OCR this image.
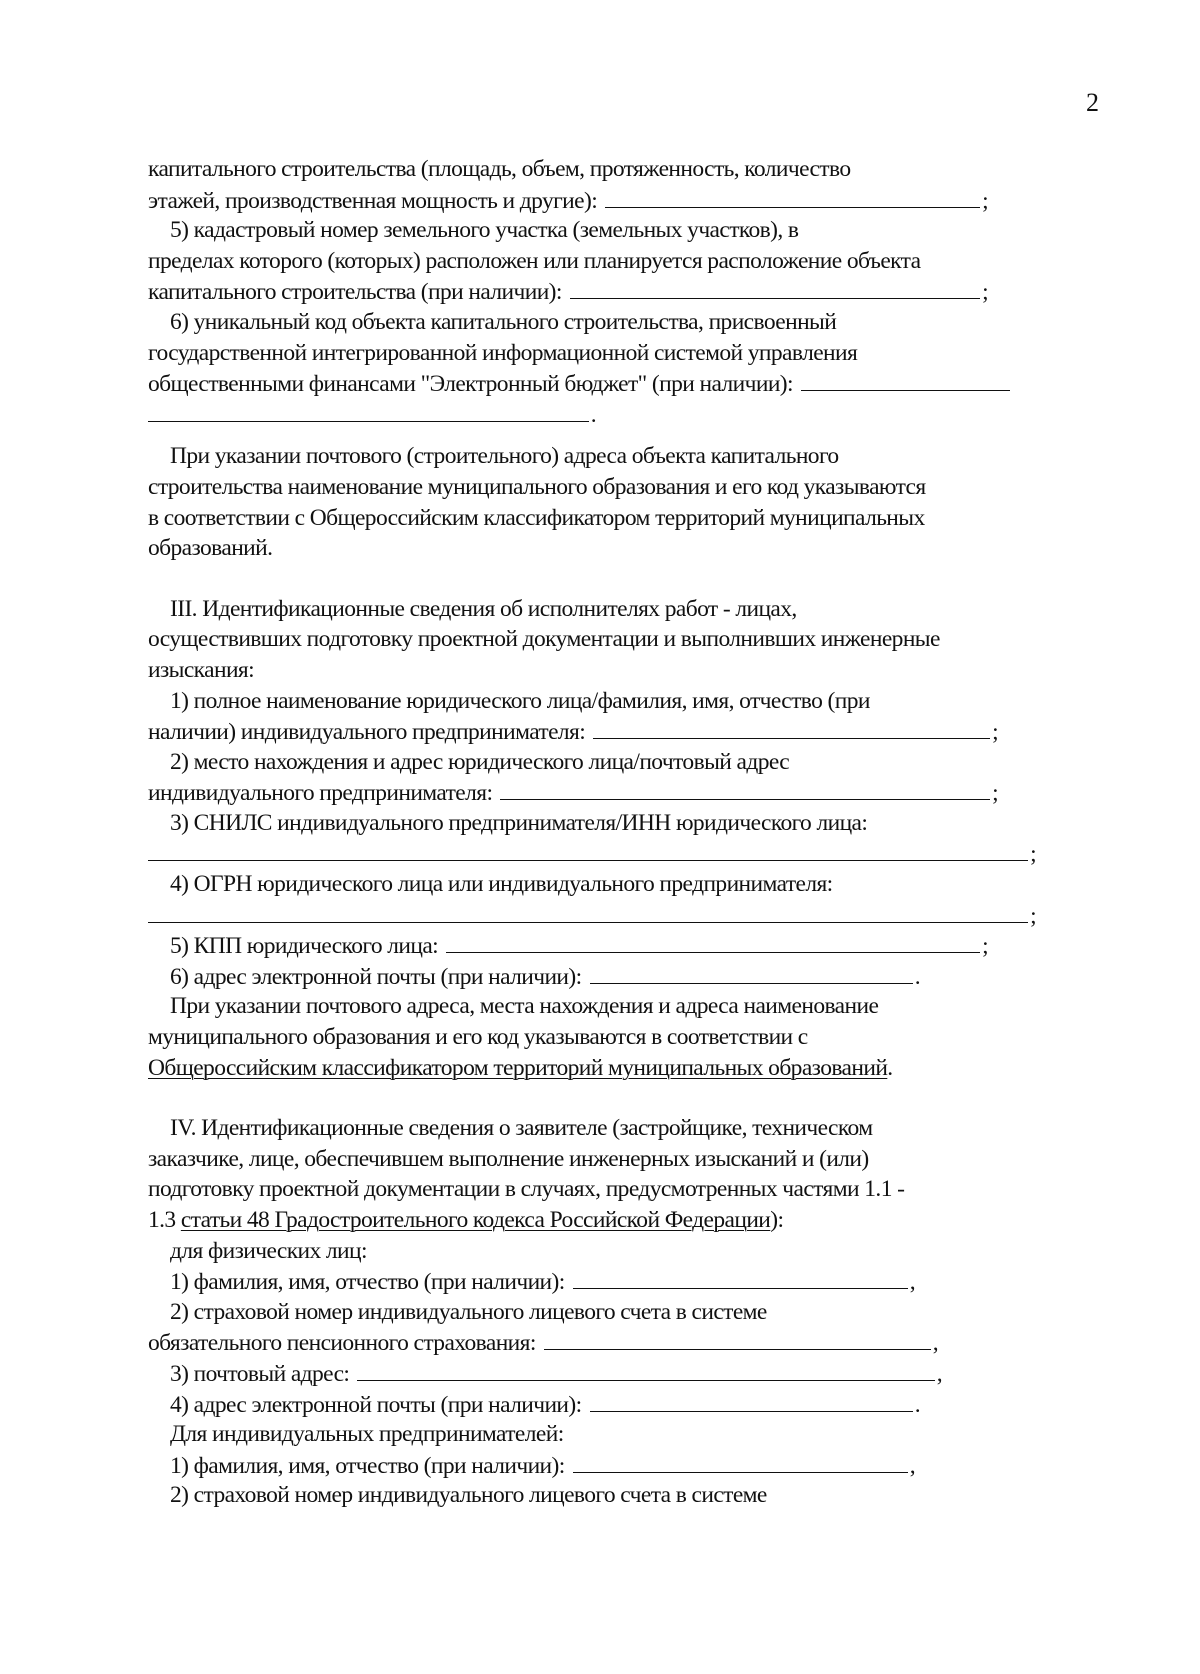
2
капитального строительства (площадь, объем, протяженность, количество
этажей, производственная мощность и другие):	;
5) кадастровый номер земельного участка (земельных участков), в
пределах которого (которых) расположен или планируется расположение объекта
капитального строительства (при наличии):	;
6) уникальный код объекта капитального строительства, присвоенный
государственной интегрированной информационной системой управления
общественными финансами "Электронный бюджет" (при наличии):
.
При указании почтового (строительного) адреса объекта капитального
строительства наименование муниципального образования и его код указываются
в соответствии с Общероссийским классификатором территорий муниципальных
образований.
III. Идентификационные сведения об исполнителях работ - лицах,
осуществивших подготовку проектной документации и выполнивших инженерные
изыскания:
1) полное наименование юридического лица/фамилия, имя, отчество (при
наличии) индивидуального предпринимателя:	;
2) место нахождения и адрес юридического лица/почтовый адрес
индивидуального предпринимателя:	;
3) СНИЛС индивидуального предпринимателя/ИНН юридического лица:
;
4) ОГРН юридического лица или индивидуального предпринимателя:
;
5) КПП юридического лица:	;
6) адрес электронной почты (при наличии):	.
При указании почтового адреса, места нахождения и адреса наименование
муниципального образования и его код указываются в соответствии с
Общероссийским классификатором территорий муниципальных образований.
IV. Идентификационные сведения о заявителе (застройщике, техническом
заказчике, лице, обеспечившем выполнение инженерных изысканий и (или)
подготовку проектной документации в случаях, предусмотренных частями 1.1 -
1.3 статьи 48 Градостроительного кодекса Российской Федерации):
для физических лиц:
1) фамилия, имя, отчество (при наличии):	,
2) страховой номер индивидуального лицевого счета в системе
обязательного пенсионного страхования:	,
3) почтовый адрес:	,
4) адрес электронной почты (при наличии):	.
Для индивидуальных предпринимателей:
1) фамилия, имя, отчество (при наличии):	,
2) страховой номер индивидуального лицевого счета в системе
